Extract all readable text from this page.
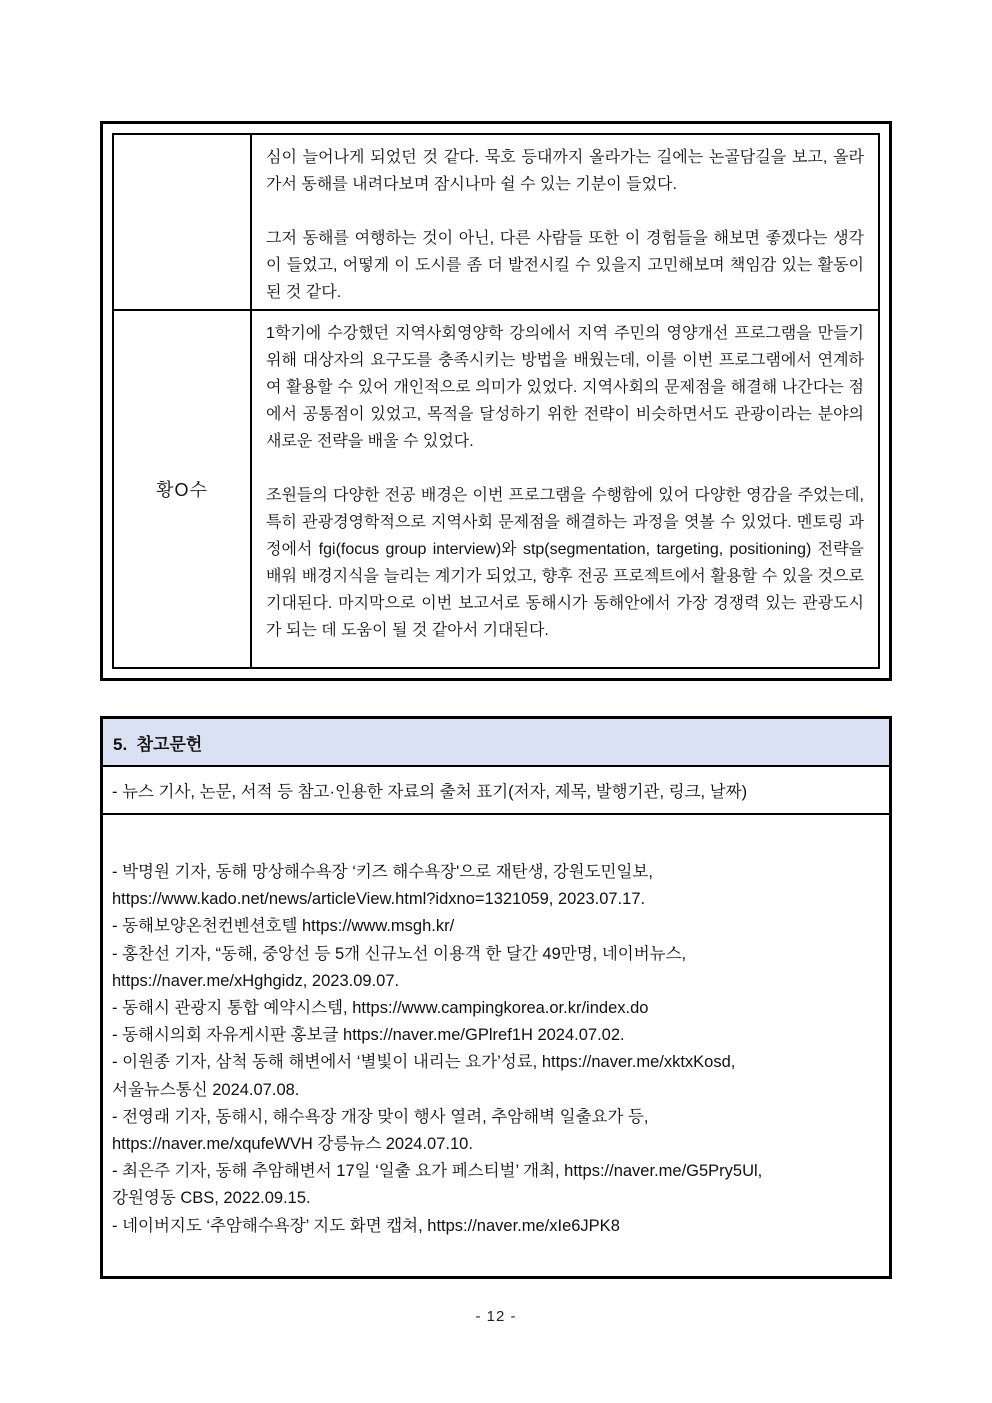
심이 늘어나게 되었던 것 같다. 묵호 등대까지 올라가는 길에는 논골담길을 보고, 올라가서 동해를 내려다보며 잠시나마 쉴 수 있는 기분이 들었다.

그저 동해를 여행하는 것이 아닌, 다른 사람들 또한 이 경험들을 해보면 좋겠다는 생각이 들었고, 어떻게 이 도시를 좀 더 발전시킬 수 있을지 고민해보며 책임감 있는 활동이 된 것 같다.

황O수

1학기에 수강했던 지역사회영양학 강의에서 지역 주민의 영양개선 프로그램을 만들기 위해 대상자의 요구도를 충족시키는 방법을 배웠는데, 이를 이번 프로그램에서 연계하여 활용할 수 있어 개인적으로 의미가 있었다. 지역사회의 문제점을 해결해 나간다는 점에서 공통점이 있었고, 목적을 달성하기 위한 전략이 비슷하면서도 관광이라는 분야의 새로운 전략을 배울 수 있었다.

조원들의 다양한 전공 배경은 이번 프로그램을 수행함에 있어 다양한 영감을 주었는데, 특히 관광경영학적으로 지역사회 문제점을 해결하는 과정을 엿볼 수 있었다. 멘토링 과정에서 fgi(focus group interview)와 stp(segmentation, targeting, positioning) 전략을 배워 배경지식을 늘리는 계기가 되었고, 향후 전공 프로젝트에서 활용할 수 있을 것으로 기대된다. 마지막으로 이번 보고서로 동해시가 동해안에서 가장 경쟁력 있는 관광도시가 되는 데 도움이 될 것 같아서 기대된다.

5.  참고문헌
- 뉴스 기사, 논문, 서적 등 참고·인용한 자료의 출처 표기(저자, 제목, 발행기관, 링크, 날짜)
- 박명원 기자, 동해 망상해수욕장 ‘키즈 해수욕장'으로 재탄생, 강원도민일보,
https://www.kado.net/news/articleView.html?idxno=1321059, 2023.07.17.
- 동해보양온천컨벤션호텔 https://www.msgh.kr/
- 홍찬선 기자, “동해, 중앙선 등 5개 신규노선 이용객 한 달간 49만명, 네이버뉴스,
https://naver.me/xHghgidz, 2023.09.07.
- 동해시 관광지 통합 예약시스템, https://www.campingkorea.or.kr/index.do
- 동해시의회 자유게시판 홍보글 https://naver.me/GPlref1H 2024.07.02.
- 이원종 기자, 삼척 동해 해변에서 ‘별빛이 내리는 요가’성료, https://naver.me/xktxKosd,
서울뉴스통신 2024.07.08.
- 전영래 기자, 동해시, 해수욕장 개장 맞이 행사 열려, 추암해벽 일출요가 등,
https://naver.me/xqufeWVH 강릉뉴스 2024.07.10.
- 최은주 기자, 동해 추암해변서 17일 ‘일출 요가 페스티벌’ 개최, https://naver.me/G5Pry5Ul,
강원영동 CBS, 2022.09.15.
- 네이버지도 ‘추암해수욕장’ 지도 화면 캡쳐, https://naver.me/xIe6JPK8
- 12 -
